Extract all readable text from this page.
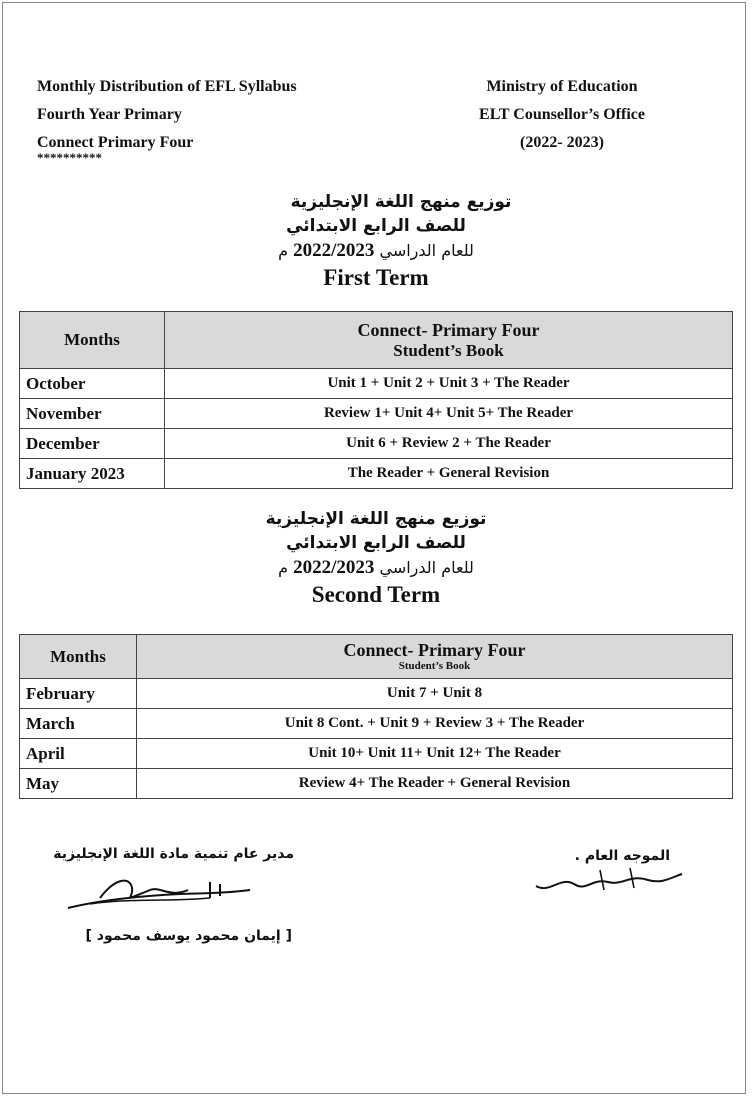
Monthly Distribution of EFL Syllabus
Fourth Year Primary
Connect Primary Four
**********
Ministry of Education
ELT Counsellor’s Office
(2022- 2023)
توزيع منهج اللغة الإنجليزية
للصف الرابع الابتدائي
للعام الدراسي 2022/2023 م
First Term
Months	Connect- Primary Four
Student’s Book

October	Unit 1 + Unit 2 + Unit 3 + The Reader
November	Review 1+ Unit 4+ Unit 5+ The Reader
December	Unit 6 + Review 2 + The Reader
January 2023	The Reader + General Revision
توزيع منهج اللغة الإنجليزية
للصف الرابع الابتدائي
للعام الدراسي 2022/2023 م
Second Term
Months	Connect- Primary Four
Student’s Book

February	Unit 7 + Unit 8
March	Unit 8 Cont. + Unit 9 + Review 3 + The Reader
April	Unit 10+ Unit 11+ Unit 12+ The Reader
May	Review 4+ The Reader + General Revision
مدير عام تنمية مادة اللغة الإنجليزية
[ إيمان محمود يوسف محمود ]
الموجه العام .
